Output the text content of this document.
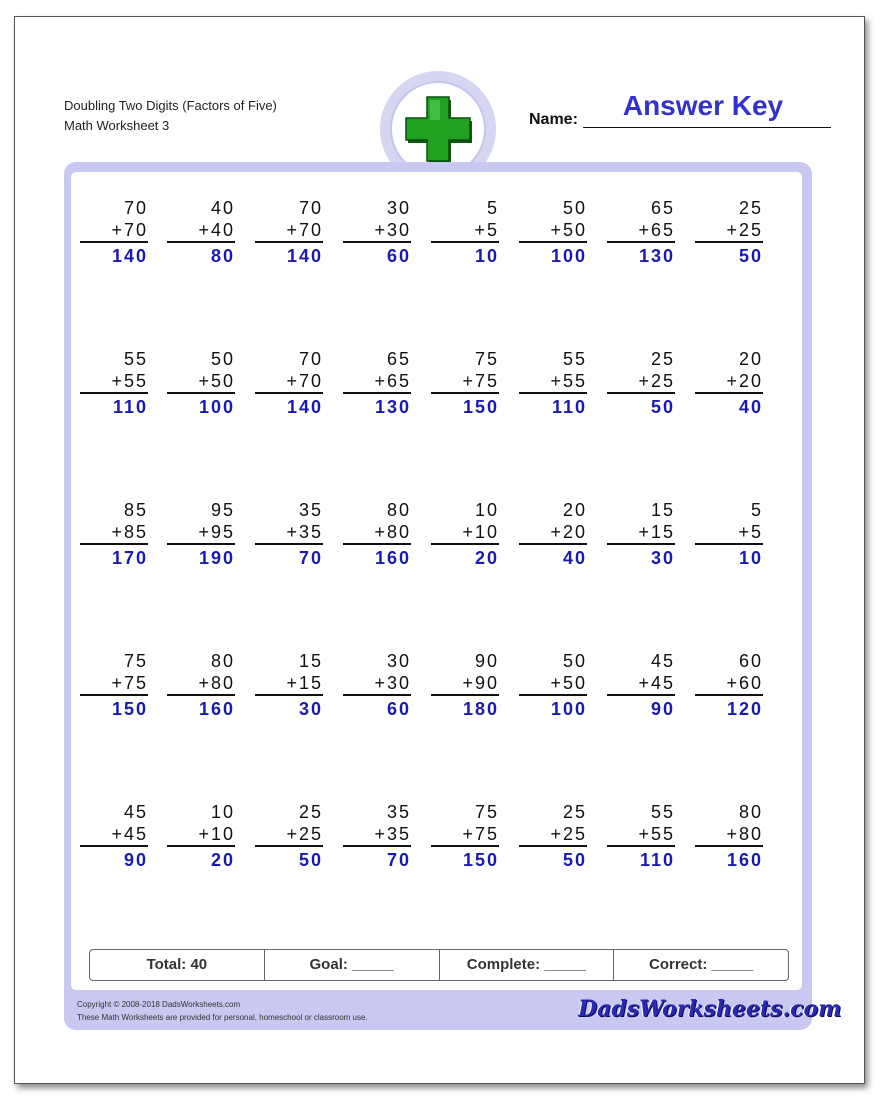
Doubling Two Digits (Factors of Five)
Math Worksheet 3	Name:	Answer Key
70
+70
140
40
+40
80
70
+70
140
30
+30
60
5
+5
10
50
+50
100
65
+65
130
25
+25
50
55
+55
110
50
+50
100
70
+70
140
65
+65
130
75
+75
150
55
+55
110
25
+25
50
20
+20
40
85
+85
170
95
+95
190
35
+35
70
80
+80
160
10
+10
20
20
+20
40
15
+15
30
5
+5
10
75
+75
150
80
+80
160
15
+15
30
30
+30
60
90
+90
180
50
+50
100
45
+45
90
60
+60
120
45
+45
90
10
+10
20
25
+25
50
35
+35
70
75
+75
150
25
+25
50
55
+55
110
80
+80
160
Total: 40	Goal: _____	Complete: _____	Correct: _____
Copyright © 2008-2018 DadsWorksheets.com
These Math Worksheets are provided for personal, homeschool or classroom use.	DadsWorksheets.com
